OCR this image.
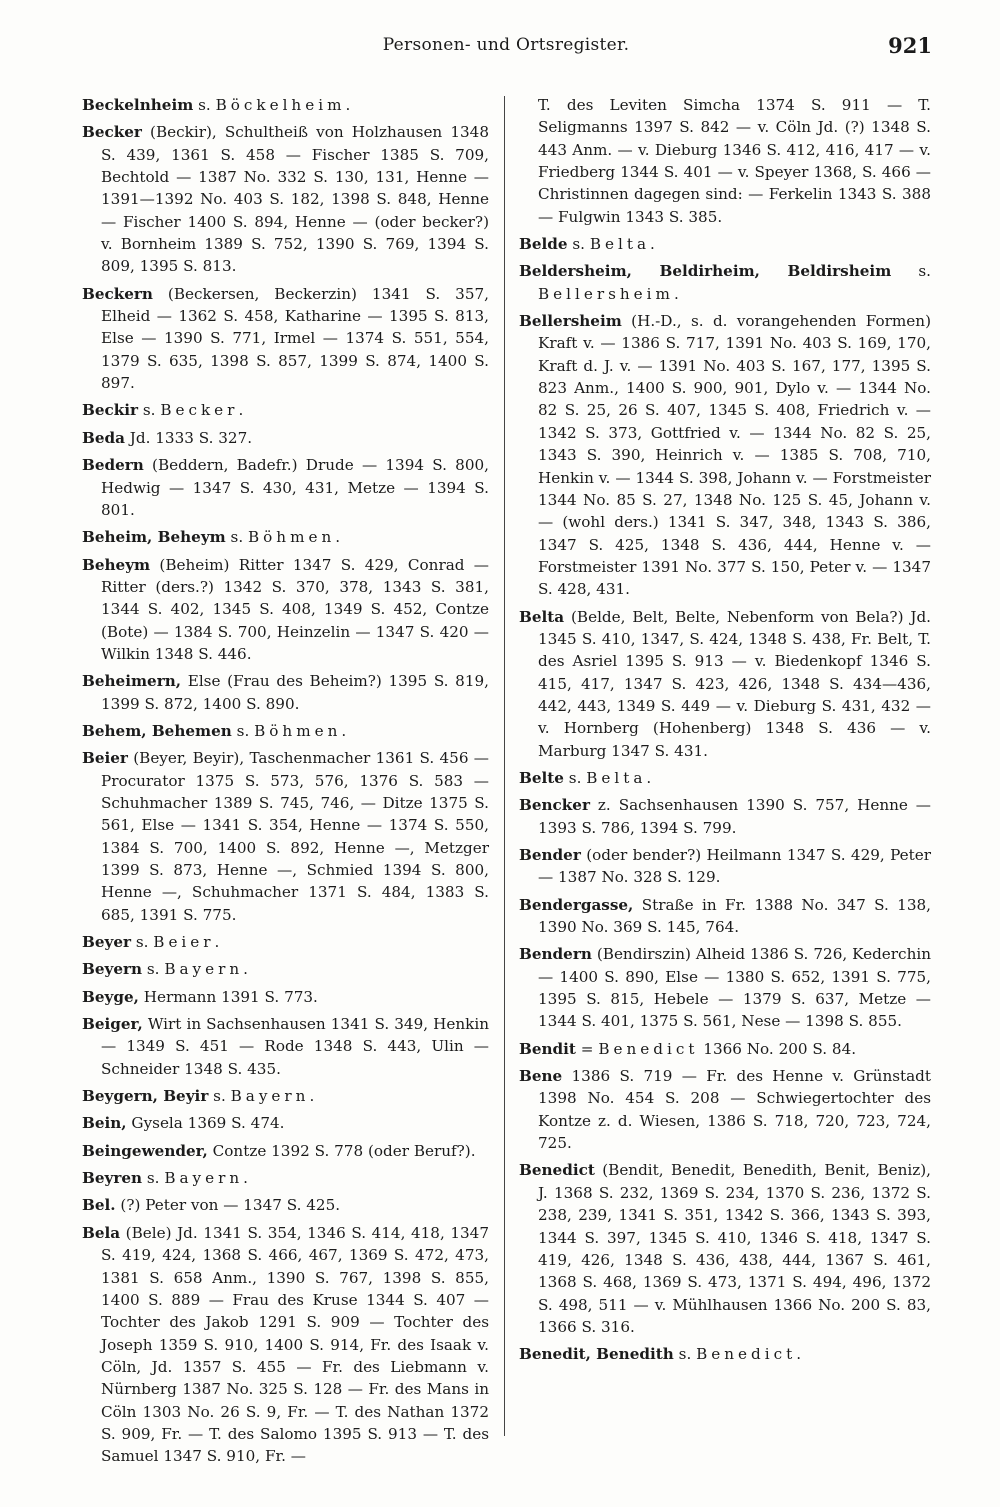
Personen- und Ortsregister.	921

Beckelnheim s. Böckelheim.

Becker (Beckir), Schultheiß von Holzhausen 1348 S. 439, 1361 S. 458 — Fischer 1385 S. 709, Bechtold — 1387 No. 332 S. 130, 131, Henne — 1391—1392 No. 403 S. 182, 1398 S. 848, Henne — Fischer 1400 S. 894, Henne — (oder becker?) v. Bornheim 1389 S. 752, 1390 S. 769, 1394 S. 809, 1395 S. 813.

Beckern (Beckersen, Beckerzin) 1341 S. 357, Elheid — 1362 S. 458, Katharine — 1395 S. 813, Else — 1390 S. 771, Irmel — 1374 S. 551, 554, 1379 S. 635, 1398 S. 857, 1399 S. 874, 1400 S. 897.

Beckir s. Becker.

Beda Jd. 1333 S. 327.

Bedern (Beddern, Badefr.) Drude — 1394 S. 800, Hedwig — 1347 S. 430, 431, Metze — 1394 S. 801.

Beheim, Beheym s. Böhmen.

Beheym (Beheim) Ritter 1347 S. 429, Conrad — Ritter (ders.?) 1342 S. 370, 378, 1343 S. 381, 1344 S. 402, 1345 S. 408, 1349 S. 452, Contze (Bote) — 1384 S. 700, Heinzelin — 1347 S. 420 — Wilkin 1348 S. 446.

Beheimern, Else (Frau des Beheim?) 1395 S. 819, 1399 S. 872, 1400 S. 890.

Behem, Behemen s. Böhmen.

Beier (Beyer, Beyir), Taschenmacher 1361 S. 456 — Procurator 1375 S. 573, 576, 1376 S. 583 — Schuhmacher 1389 S. 745, 746, — Ditze 1375 S. 561, Else — 1341 S. 354, Henne — 1374 S. 550, 1384 S. 700, 1400 S. 892, Henne —, Metzger 1399 S. 873, Henne —, Schmied 1394 S. 800, Henne —, Schuhmacher 1371 S. 484, 1383 S. 685, 1391 S. 775.

Beyer s. Beier.

Beyern s. Bayern.

Beyge, Hermann 1391 S. 773.

Beiger, Wirt in Sachsenhausen 1341 S. 349, Henkin — 1349 S. 451 — Rode 1348 S. 443, Ulin — Schneider 1348 S. 435.

Beygern, Beyir s. Bayern.

Bein, Gysela 1369 S. 474.

Beingewender, Contze 1392 S. 778 (oder Beruf?).

Beyren s. Bayern.

Bel. (?) Peter von — 1347 S. 425.

Bela (Bele) Jd. 1341 S. 354, 1346 S. 414, 418, 1347 S. 419, 424, 1368 S. 466, 467, 1369 S. 472, 473, 1381 S. 658 Anm., 1390 S. 767, 1398 S. 855, 1400 S. 889 — Frau des Kruse 1344 S. 407 — Tochter des Jakob 1291 S. 909 — Tochter des Joseph 1359 S. 910, 1400 S. 914, Fr. des Isaak v. Cöln, Jd. 1357 S. 455 — Fr. des Liebmann v. Nürnberg 1387 No. 325 S. 128 — Fr. des Mans in Cöln 1303 No. 26 S. 9, Fr. — T. des Nathan 1372 S. 909, Fr. — T. des Salomo 1395 S. 913 — T. des Samuel 1347 S. 910, Fr. —

T. des Leviten Simcha 1374 S. 911 — T. Seligmanns 1397 S. 842 — v. Cöln Jd. (?) 1348 S. 443 Anm. — v. Dieburg 1346 S. 412, 416, 417 — v. Friedberg 1344 S. 401 — v. Speyer 1368, S. 466 — Christinnen dagegen sind: — Ferkelin 1343 S. 388 — Fulgwin 1343 S. 385.

Belde s. Belta.

Beldersheim, Beldirheim, Beldirsheim s. Bellersheim.

Bellersheim (H.-D., s. d. vorangehenden Formen) Kraft v. — 1386 S. 717, 1391 No. 403 S. 169, 170, Kraft d. J. v. — 1391 No. 403 S. 167, 177, 1395 S. 823 Anm., 1400 S. 900, 901, Dylo v. — 1344 No. 82 S. 25, 26 S. 407, 1345 S. 408, Friedrich v. — 1342 S. 373, Gottfried v. — 1344 No. 82 S. 25, 1343 S. 390, Heinrich v. — 1385 S. 708, 710, Henkin v. — 1344 S. 398, Johann v. — Forstmeister 1344 No. 85 S. 27, 1348 No. 125 S. 45, Johann v. — (wohl ders.) 1341 S. 347, 348, 1343 S. 386, 1347 S. 425, 1348 S. 436, 444, Henne v. — Forstmeister 1391 No. 377 S. 150, Peter v. — 1347 S. 428, 431.

Belta (Belde, Belt, Belte, Nebenform von Bela?) Jd. 1345 S. 410, 1347, S. 424, 1348 S. 438, Fr. Belt, T. des Asriel 1395 S. 913 — v. Biedenkopf 1346 S. 415, 417, 1347 S. 423, 426, 1348 S. 434—436, 442, 443, 1349 S. 449 — v. Dieburg S. 431, 432 — v. Hornberg (Hohenberg) 1348 S. 436 — v. Marburg 1347 S. 431.

Belte s. Belta.

Bencker z. Sachsenhausen 1390 S. 757, Henne — 1393 S. 786, 1394 S. 799.

Bender (oder bender?) Heilmann 1347 S. 429, Peter — 1387 No. 328 S. 129.

Bendergasse, Straße in Fr. 1388 No. 347 S. 138, 1390 No. 369 S. 145, 764.

Bendern (Bendirszin) Alheid 1386 S. 726, Kederchin — 1400 S. 890, Else — 1380 S. 652, 1391 S. 775, 1395 S. 815, Hebele — 1379 S. 637, Metze — 1344 S. 401, 1375 S. 561, Nese — 1398 S. 855.

Bendit = Benedict 1366 No. 200 S. 84.

Bene 1386 S. 719 — Fr. des Henne v. Grünstadt 1398 No. 454 S. 208 — Schwiegertochter des Kontze z. d. Wiesen, 1386 S. 718, 720, 723, 724, 725.

Benedict (Bendit, Benedit, Benedith, Benit, Beniz), J. 1368 S. 232, 1369 S. 234, 1370 S. 236, 1372 S. 238, 239, 1341 S. 351, 1342 S. 366, 1343 S. 393, 1344 S. 397, 1345 S. 410, 1346 S. 418, 1347 S. 419, 426, 1348 S. 436, 438, 444, 1367 S. 461, 1368 S. 468, 1369 S. 473, 1371 S. 494, 496, 1372 S. 498, 511 — v. Mühlhausen 1366 No. 200 S. 83, 1366 S. 316.

Benedit, Benedith s. Benedict.
